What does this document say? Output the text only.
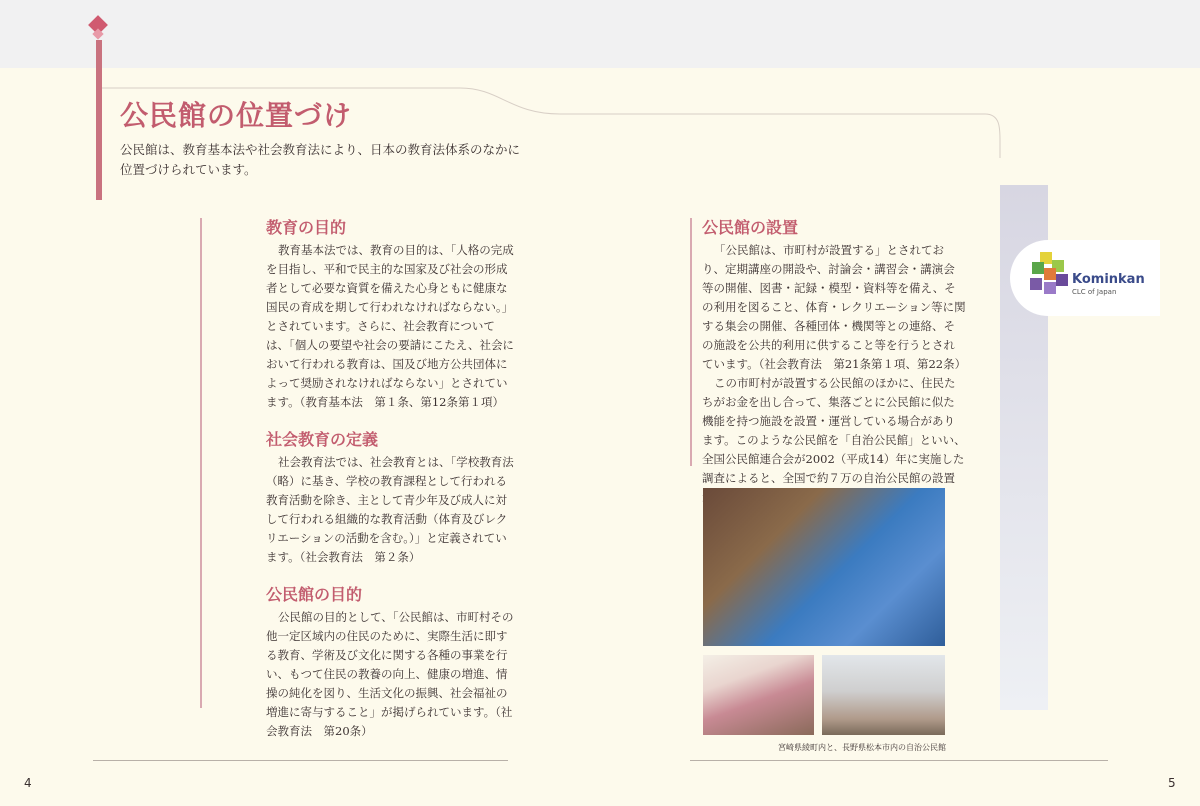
公民館の位置づけ
公民館は、教育基本法や社会教育法により、日本の教育法体系のなかに位置づけられています。
教育の目的

教育基本法では、教育の目的は、「人格の完成を目指し、平和で民主的な国家及び社会の形成者として必要な資質を備えた心身ともに健康な国民の育成を期して行われなければならない。」とされています。さらに、社会教育については、「個人の要望や社会の要請にこたえ、社会において行われる教育は、国及び地方公共団体によって奨励されなければならない」とされています。（教育基本法　第１条、第12条第１項）

社会教育の定義

社会教育法では、社会教育とは、「学校教育法（略）に基き、学校の教育課程として行われる教育活動を除き、主として青少年及び成人に対して行われる組織的な教育活動（体育及びレクリエーションの活動を含む。）」と定義されています。（社会教育法　第２条）

公民館の目的

公民館の目的として、「公民館は、市町村その他一定区域内の住民のために、実際生活に即する教育、学術及び文化に関する各種の事業を行い、もつて住民の教養の向上、健康の増進、情操の純化を図り、生活文化の振興、社会福祉の増進に寄与すること」が掲げられています。（社会教育法　第20条）

公民館の設置

「公民館は、市町村が設置する」とされており、定期講座の開設や、討論会・講習会・講演会等の開催、図書・記録・模型・資料等を備え、その利用を図ること、体育・レクリエーション等に関する集会の開催、各種団体・機関等との連絡、その施設を公共的利用に供すること等を行うとされています。（社会教育法　第21条第１項、第22条）

この市町村が設置する公民館のほかに、住民たちがお金を出し合って、集落ごとに公民館に似た機能を持つ施設を設置・運営している場合があります。このような公民館を「自治公民館」といい、全国公民館連合会が2002（平成14）年に実施した調査によると、全国で約７万の自治公民館の設置

Kominkan
CLC of Japan
宮崎県綾町内と、長野県松本市内の自治公民館
4	5
